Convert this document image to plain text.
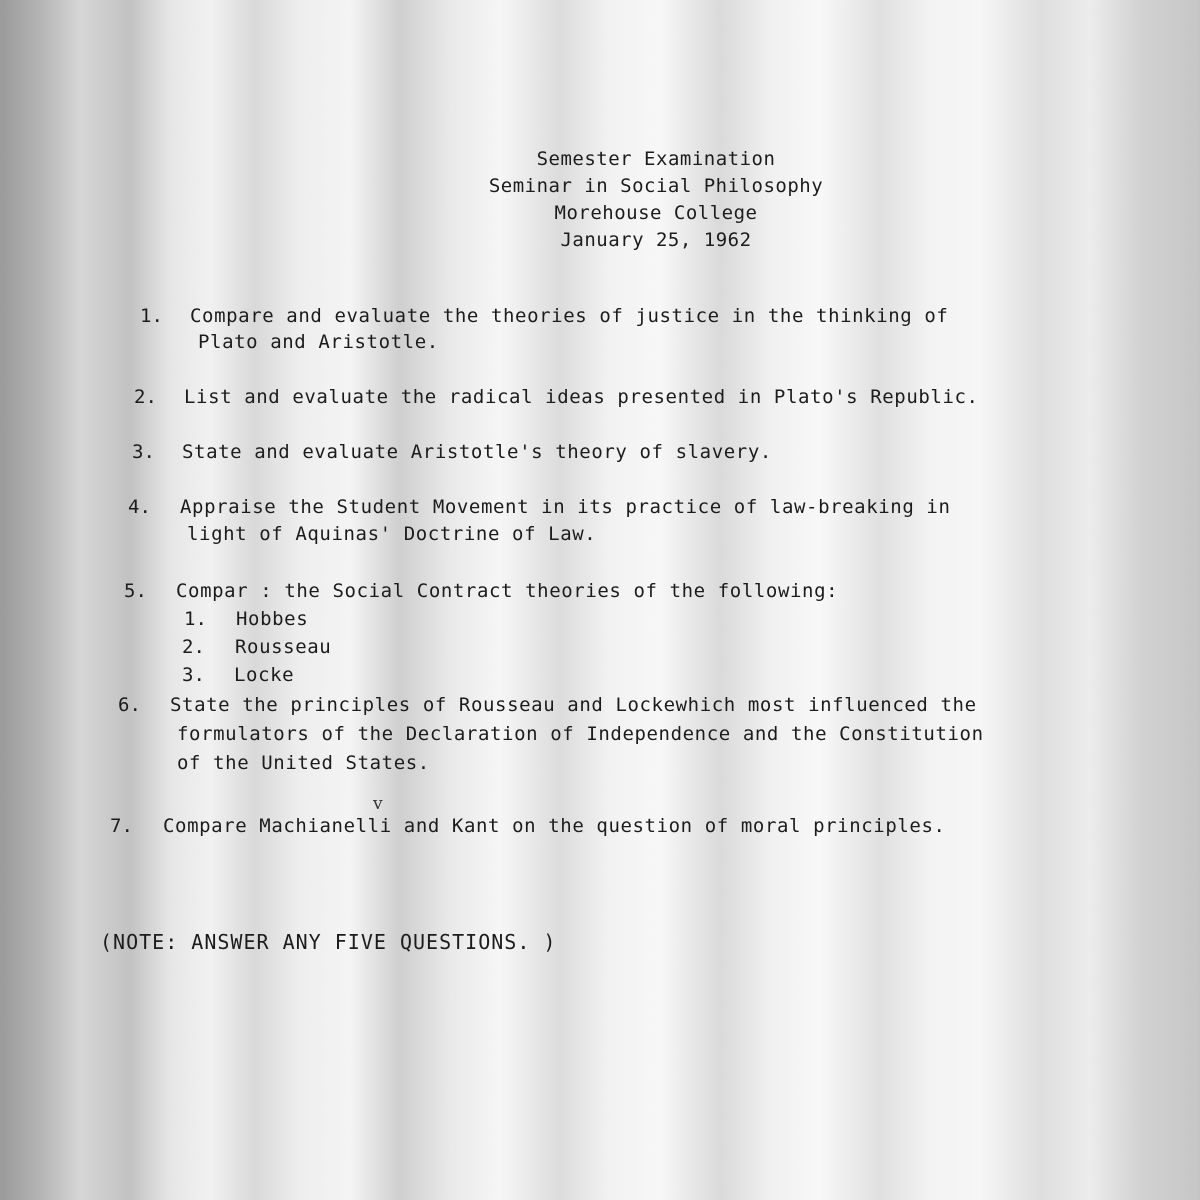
Semester Examination
Seminar in Social Philosophy
Morehouse College
January 25, 1962
1. Compare and evaluate the theories of justice in the thinking of
Plato and Aristotle.
2. List and evaluate the radical ideas presented in Plato's Republic.
3. State and evaluate Aristotle's theory of slavery.
4. Appraise the Student Movement in its practice of law-breaking in
light of Aquinas' Doctrine of Law.
5. Compar : the Social Contract theories of the following:
1. Hobbes
2. Rousseau
3. Locke
6. State the principles of Rousseau and Lockewhich most influenced the
formulators of the Declaration of Independence and the Constitution
of the United States.
7. Compare Machianelli and Kant on the question of moral principles.
v
(NOTE: ANSWER ANY FIVE QUESTIONS. )
